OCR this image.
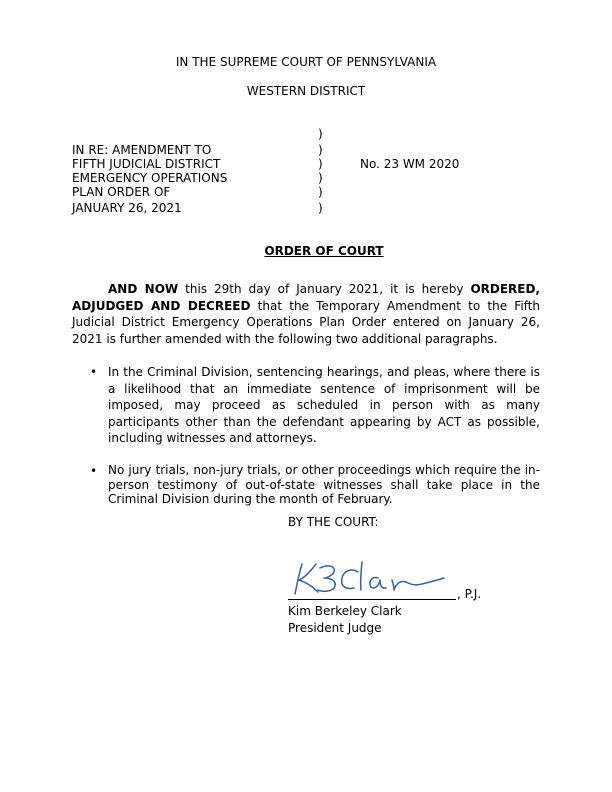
IN THE SUPREME COURT OF PENNSYLVANIA
WESTERN DISTRICT
IN RE: AMENDMENT TO
FIFTH JUDICIAL DISTRICT
EMERGENCY OPERATIONS
PLAN ORDER OF
JANUARY 26, 2021
)
)
)
)
)
)
No. 23 WM 2020
ORDER OF COURT
AND NOW this 29th day of January 2021, it is hereby ORDERED, ADJUDGED AND DECREED that the Temporary Amendment to the Fifth Judicial District Emergency Operations Plan Order entered on January 26, 2021 is further amended with the following two additional paragraphs.
• In the Criminal Division, sentencing hearings, and pleas, where there is a likelihood that an immediate sentence of imprisonment will be imposed, may proceed as scheduled in person with as many participants other than the defendant appearing by ACT as possible, including witnesses and attorneys.
• No jury trials, non-jury trials, or other proceedings which require the in-person testimony of out-of-state witnesses shall take place in the Criminal Division during the month of February.
BY THE COURT:
KBClark	, P.J.
Kim Berkeley Clark
President Judge
